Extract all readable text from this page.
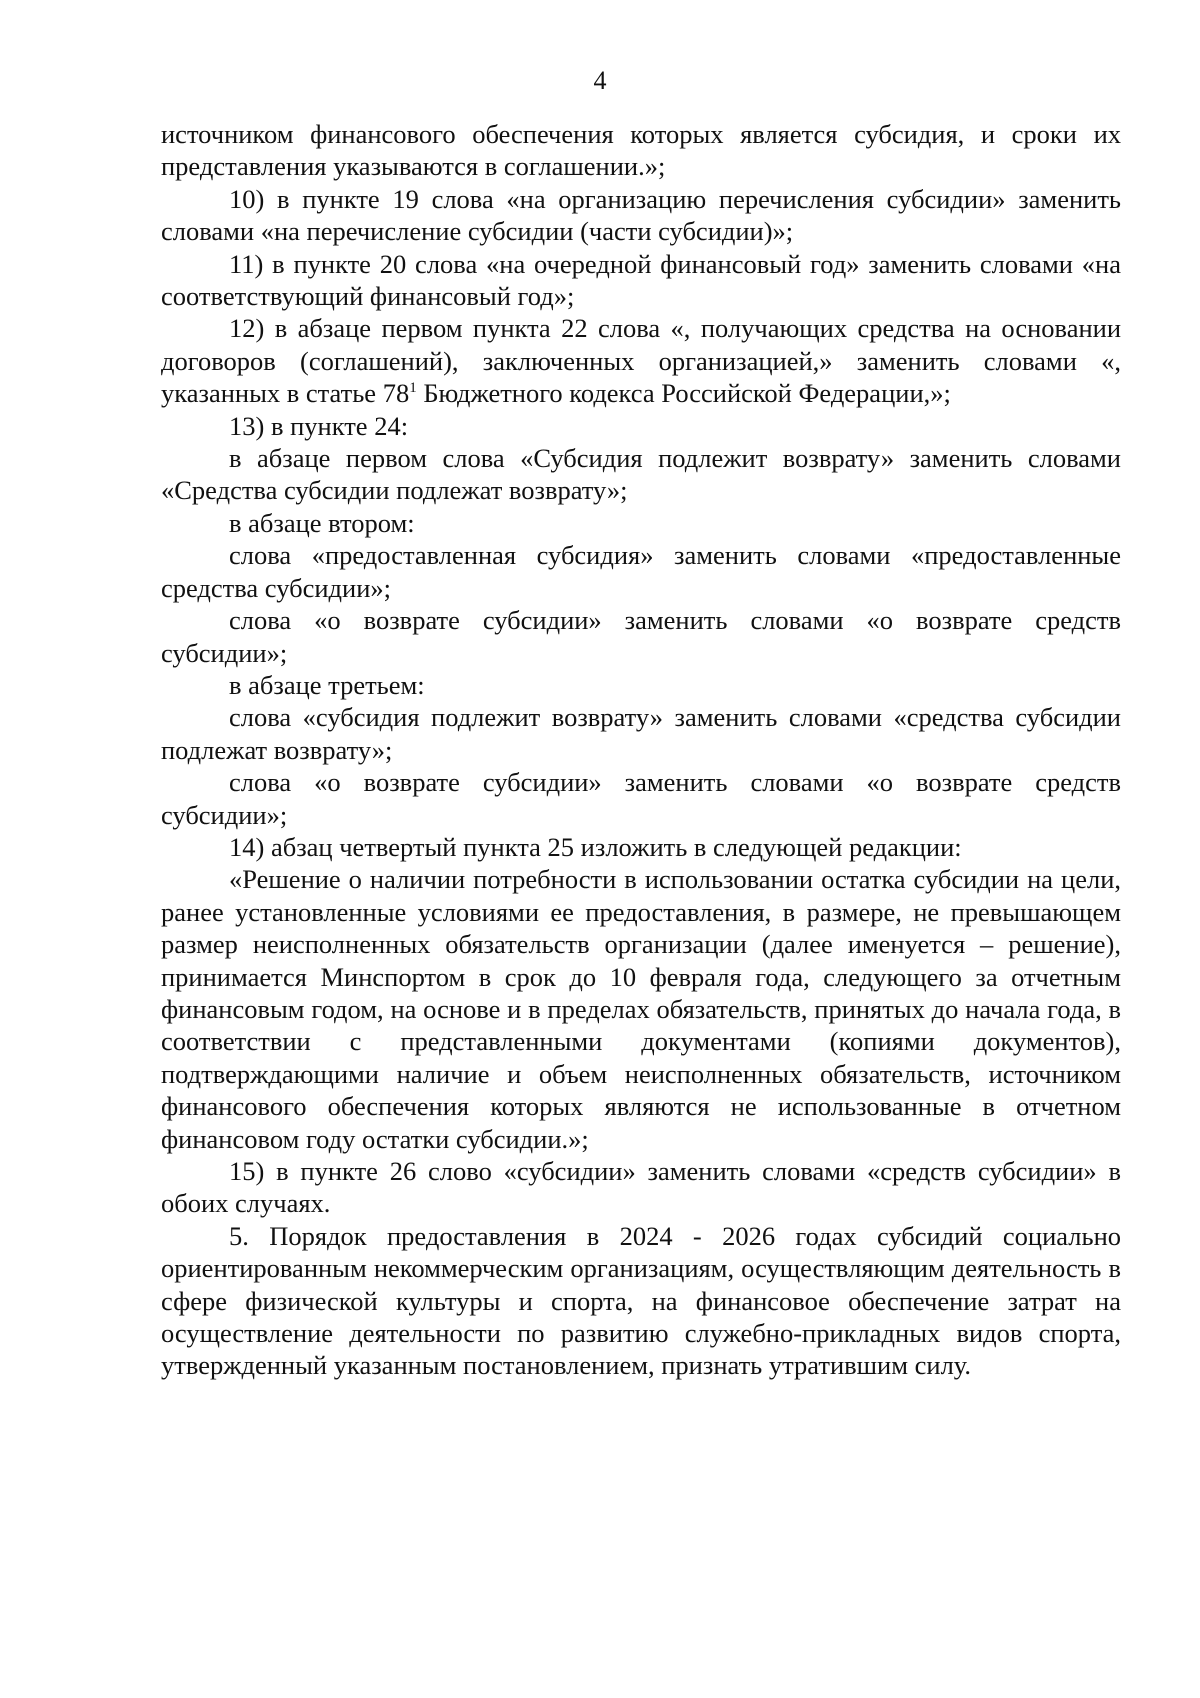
4

источником финансового обеспечения которых является субсидия, и сроки их представления указываются в соглашении.»;

10) в пункте 19 слова «на организацию перечисления субсидии» заменить словами «на перечисление субсидии (части субсидии)»;

11) в пункте 20 слова «на очередной финансовый год» заменить словами «на соответствующий финансовый год»;

12) в абзаце первом пункта 22 слова «, получающих средства на основании договоров (соглашений), заключенных организацией,» заменить словами «, указанных в статье $78^1$ Бюджетного кодекса Российской Федерации,»;

13) в пункте 24:

в абзаце первом слова «Субсидия подлежит возврату» заменить словами «Средства субсидии подлежат возврату»;

в абзаце втором:

слова «предоставленная субсидия» заменить словами «предоставленные средства субсидии»;

слова «о возврате субсидии» заменить словами «о возврате средств субсидии»;

в абзаце третьем:

слова «субсидия подлежит возврату» заменить словами «средства субсидии подлежат возврату»;

слова «о возврате субсидии» заменить словами «о возврате средств субсидии»;

14) абзац четвертый пункта 25 изложить в следующей редакции:

«Решение о наличии потребности в использовании остатка субсидии на цели, ранее установленные условиями ее предоставления, в размере, не превышающем размер неисполненных обязательств организации (далее именуется – решение), принимается Минспортом в срок до 10 февраля года, следующего за отчетным финансовым годом, на основе и в пределах обязательств, принятых до начала года, в соответствии с представленными документами (копиями документов), подтверждающими наличие и объем неисполненных обязательств, источником финансового обеспечения которых являются не использованные в отчетном финансовом году остатки субсидии.»;

15) в пункте 26 слово «субсидии» заменить словами «средств субсидии» в обоих случаях.

5. Порядок предоставления в 2024 - 2026 годах субсидий социально ориентированным некоммерческим организациям, осуществляющим деятельность в сфере физической культуры и спорта, на финансовое обеспечение затрат на осуществление деятельности по развитию служебно-прикладных видов спорта, утвержденный указанным постановлением, признать утратившим силу.
